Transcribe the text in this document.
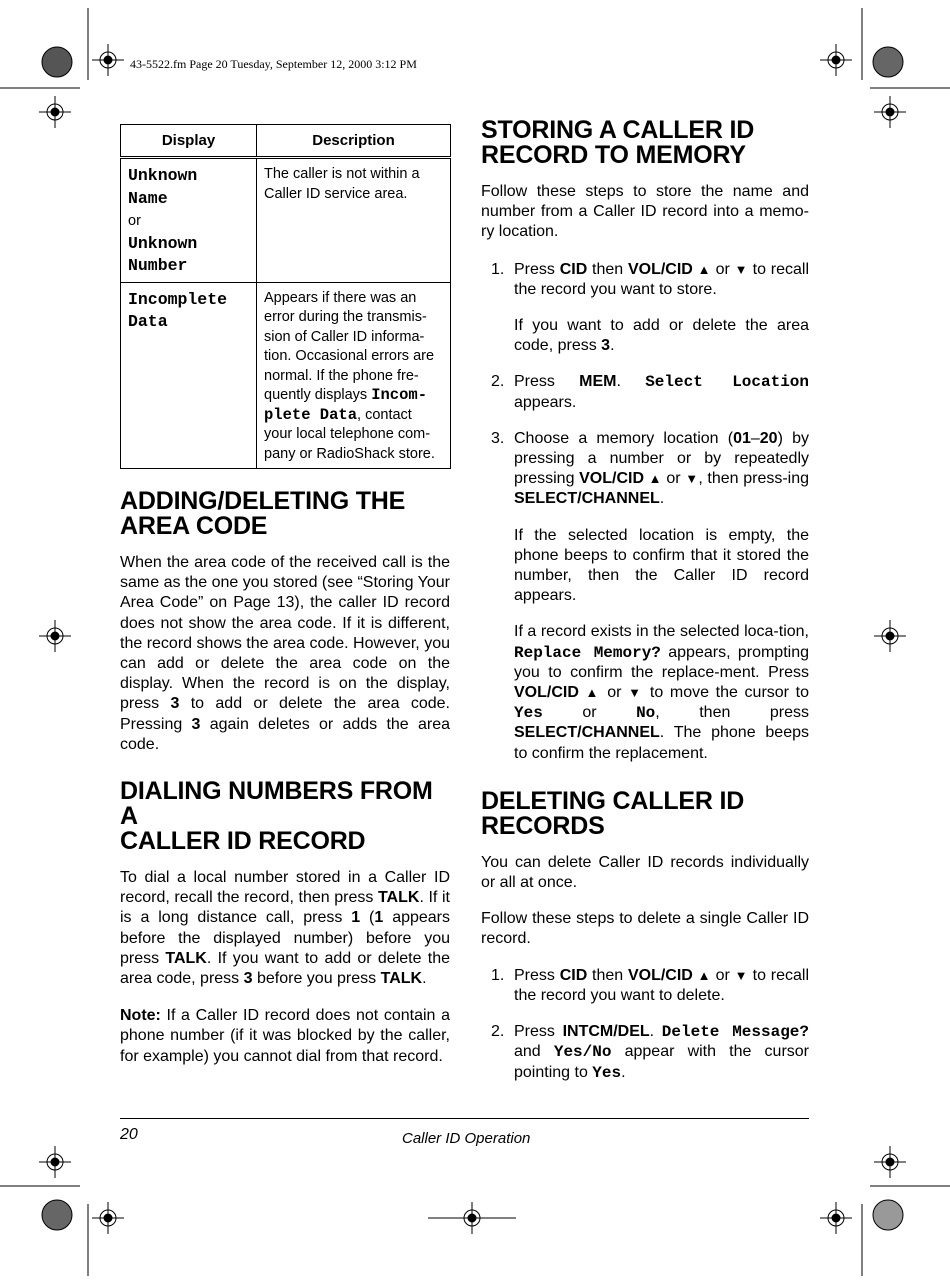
43-5522.fm Page 20 Tuesday, September 12, 2000 3:12 PM
Display	Description
Unknown
Name
or
Unknown
Number	The caller is not within a Caller ID service area.
Incomplete
Data	Appears if there was an error during the transmis-sion of Caller ID informa-tion. Occasional errors are normal. If the phone fre-quently displays Incom-plete Data, contact your local telephone com-pany or RadioShack store.
ADDING/DELETING THE
AREA CODE

When the area code of the received call is the same as the one you stored (see “Storing Your Area Code” on Page 13), the caller ID record does not show the area code. If it is different, the record shows the area code. However, you can add or delete the area code on the display. When the record is on the display, press 3 to add or delete the area code. Pressing 3 again deletes or adds the area code.

DIALING NUMBERS FROM A
CALLER ID RECORD

To dial a local number stored in a Caller ID record, recall the record, then press TALK. If it is a long distance call, press 1 (1 appears before the displayed number) before you press TALK. If you want to add or delete the area code, press 3 before you press TALK.

Note: If a Caller ID record does not contain a phone number (if it was blocked by the caller, for example) you cannot dial from that record.

STORING A CALLER ID
RECORD TO MEMORY

Follow these steps to store the name and number from a Caller ID record into a memo-ry location.

1. Press CID then VOL/CID ▲ or ▼ to recall the record you want to store.

If you want to add or delete the area code, press 3.

2. Press MEM. Select Location appears.
3. Choose a memory location (01–20) by pressing a number or by repeatedly pressing VOL/CID ▲ or ▼, then press-ing SELECT/CHANNEL.

If the selected location is empty, the phone beeps to confirm that it stored the number, then the Caller ID record appears.

If a record exists in the selected loca-tion, Replace Memory? appears, prompting you to confirm the replace-ment. Press VOL/CID ▲ or ▼ to move the cursor to Yes or No, then press SELECT/CHANNEL. The phone beeps to confirm the replacement.

DELETING CALLER ID
RECORDS

You can delete Caller ID records individually or all at once.

Follow these steps to delete a single Caller ID record.

1. Press CID then VOL/CID ▲ or ▼ to recall the record you want to delete.
2. Press INTCM/DEL. Delete Message? and Yes/No appear with the cursor pointing to Yes.
20	Caller ID Operation
